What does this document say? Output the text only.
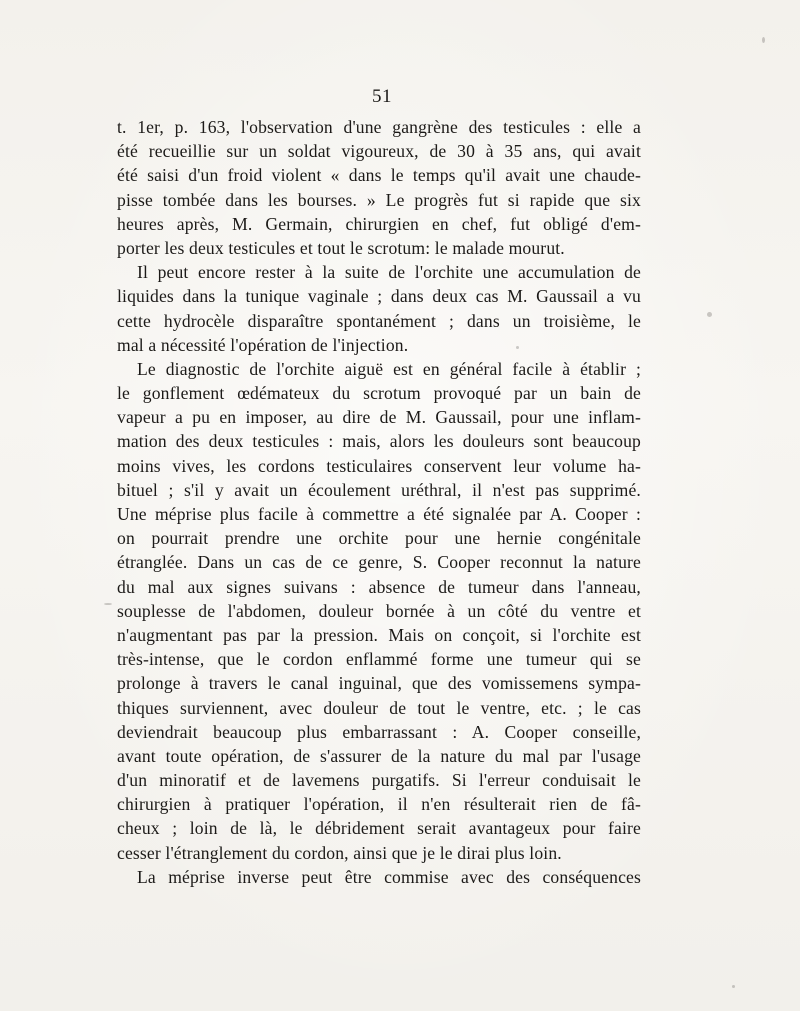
51
t. 1er, p. 163, l'observation d'une gangrène des testicules : elle a
été recueillie sur un soldat vigoureux, de 30 à 35 ans, qui avait
été saisi d'un froid violent « dans le temps qu'il avait une chaude-
pisse tombée dans les bourses. » Le progrès fut si rapide que six
heures après, M. Germain, chirurgien en chef, fut obligé d'em-
porter les deux testicules et tout le scrotum: le malade mourut.
Il peut encore rester à la suite de l'orchite une accumulation de
liquides dans la tunique vaginale ; dans deux cas M. Gaussail a vu
cette hydrocèle disparaître spontanément ; dans un troisième, le
mal a nécessité l'opération de l'injection.
Le diagnostic de l'orchite aiguë est en général facile à établir ;
le gonflement œdémateux du scrotum provoqué par un bain de
vapeur a pu en imposer, au dire de M. Gaussail, pour une inflam-
mation des deux testicules : mais, alors les douleurs sont beaucoup
moins vives, les cordons testiculaires conservent leur volume ha-
bituel ; s'il y avait un écoulement uréthral, il n'est pas supprimé.
Une méprise plus facile à commettre a été signalée par A. Cooper :
on pourrait prendre une orchite pour une hernie congénitale
étranglée. Dans un cas de ce genre, S. Cooper reconnut la nature
du mal aux signes suivans : absence de tumeur dans l'anneau,
souplesse de l'abdomen, douleur bornée à un côté du ventre et
n'augmentant pas par la pression. Mais on conçoit, si l'orchite est
très-intense, que le cordon enflammé forme une tumeur qui se
prolonge à travers le canal inguinal, que des vomissemens sympa-
thiques surviennent, avec douleur de tout le ventre, etc. ; le cas
deviendrait beaucoup plus embarrassant : A. Cooper conseille,
avant toute opération, de s'assurer de la nature du mal par l'usage
d'un minoratif et de lavemens purgatifs. Si l'erreur conduisait le
chirurgien à pratiquer l'opération, il n'en résulterait rien de fâ-
cheux ; loin de là, le débridement serait avantageux pour faire
cesser l'étranglement du cordon, ainsi que je le dirai plus loin.
La méprise inverse peut être commise avec des conséquences
